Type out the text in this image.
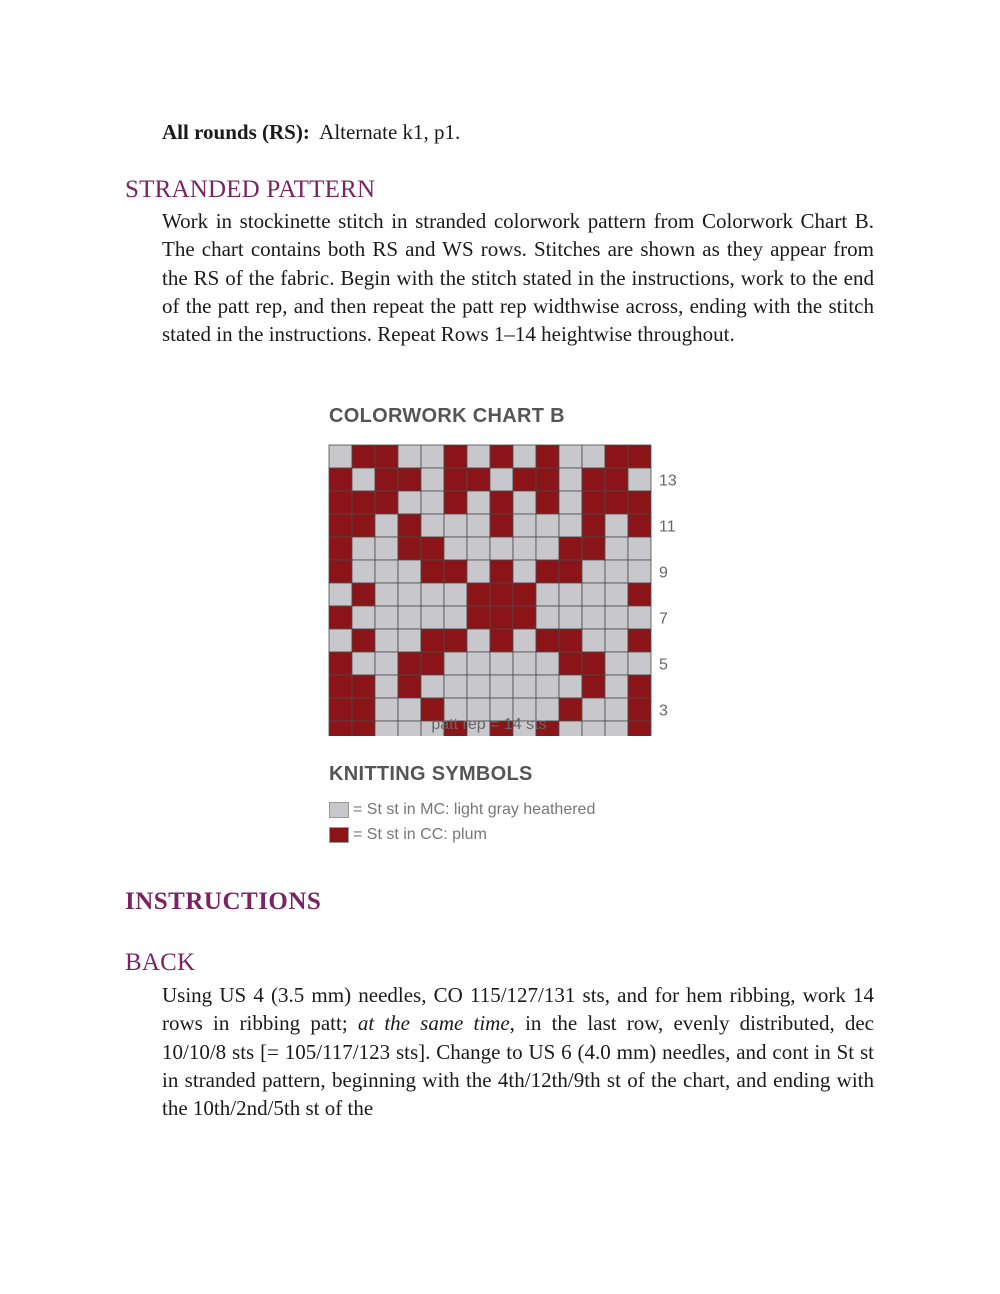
All rounds (RS): Alternate k1, p1.

STRANDED PATTERN

Work in stockinette stitch in stranded colorwork pattern from Colorwork Chart B. The chart contains both RS and WS rows. Stitches are shown as they appear from the RS of the fabric. Begin with the stitch stated in the instructions, work to the end of the patt rep, and then repeat the patt rep widthwise across, ending with the stitch stated in the instructions. Repeat Rows 1–14 heightwise throughout.

COLORWORK CHART B
13
11
9
7
5
3
patt rep = 14 sts
KNITTING SYMBOLS
= St st in MC: light gray heathered
= St st in CC: plum
INSTRUCTIONS
BACK

Using US 4 (3.5 mm) needles, CO 115/127/131 sts, and for hem ribbing, work 14 rows in ribbing patt; at the same time, in the last row, evenly distributed, dec 10/10/8 sts [= 105/117/123 sts]. Change to US 6 (4.0 mm) needles, and cont in St st in stranded pattern, beginning with the 4th/12th/9th st of the chart, and ending with the 10th/2nd/5th st of the
